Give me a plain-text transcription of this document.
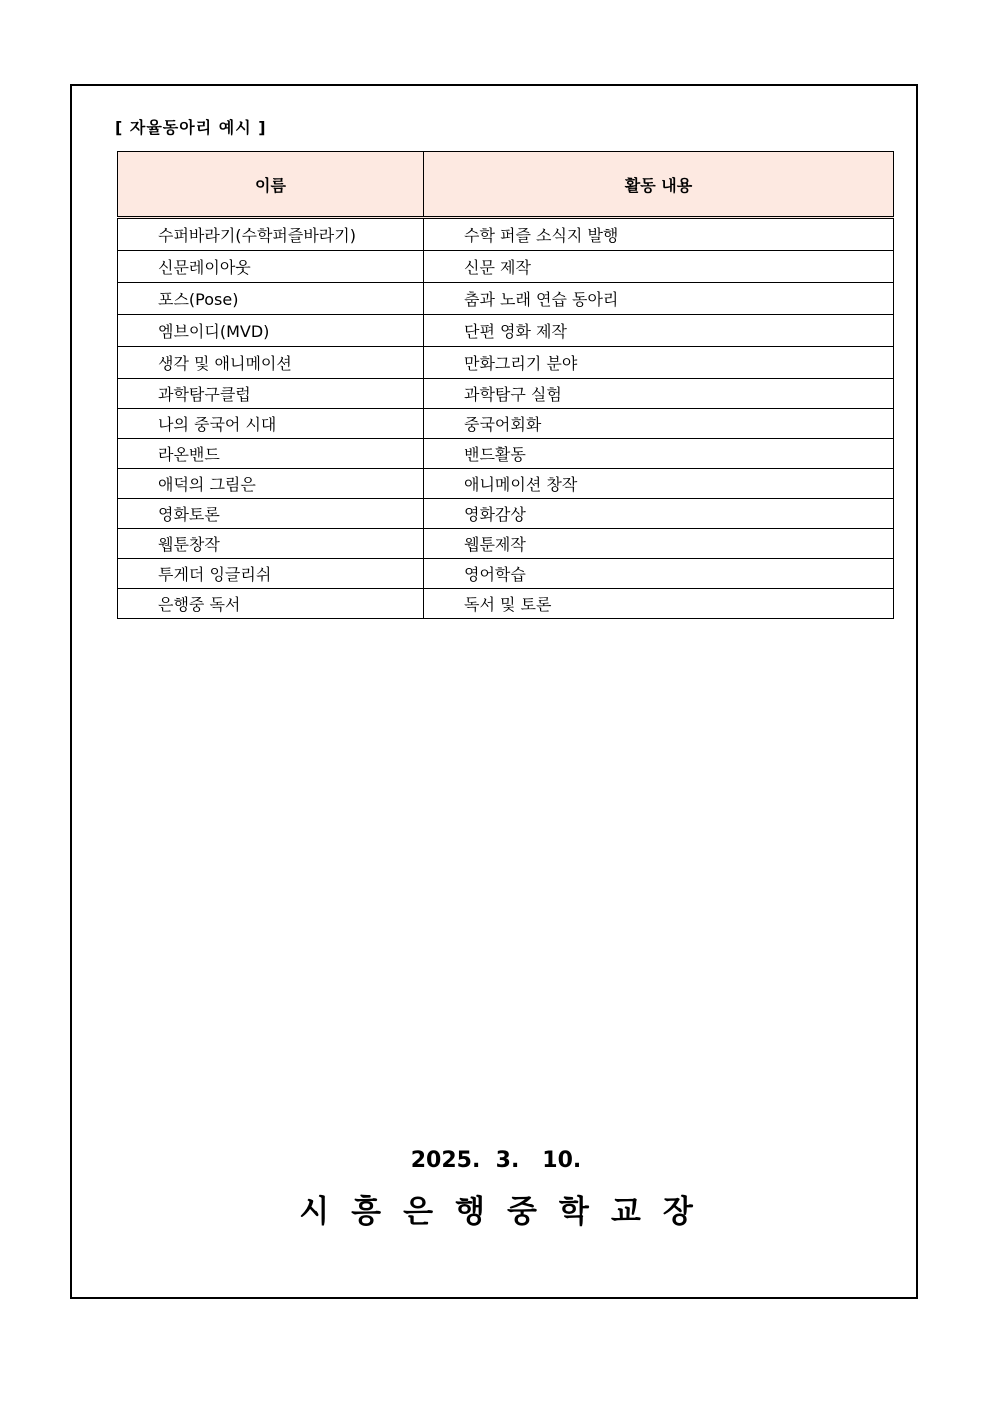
[ 자율동아리 예시 ]
이름	활동 내용
수퍼바라기(수학퍼즐바라기)	수학 퍼즐 소식지 발행
신문레이아웃	신문 제작
포스(Pose)	춤과 노래 연습 동아리
엠브이디(MVD)	단편 영화 제작
생각 및 애니메이션	만화그리기 분야
과학탐구클럽	과학탐구 실험
나의 중국어 시대	중국어회화
라온밴드	밴드활동
애덕의 그림은	애니메이션 창작
영화토론	영화감상
웹툰창작	웹툰제작
투게더 잉글리쉬	영어학습
은행중 독서	독서 및 토론
2025.  3.   10.
시흥은행중학교장
